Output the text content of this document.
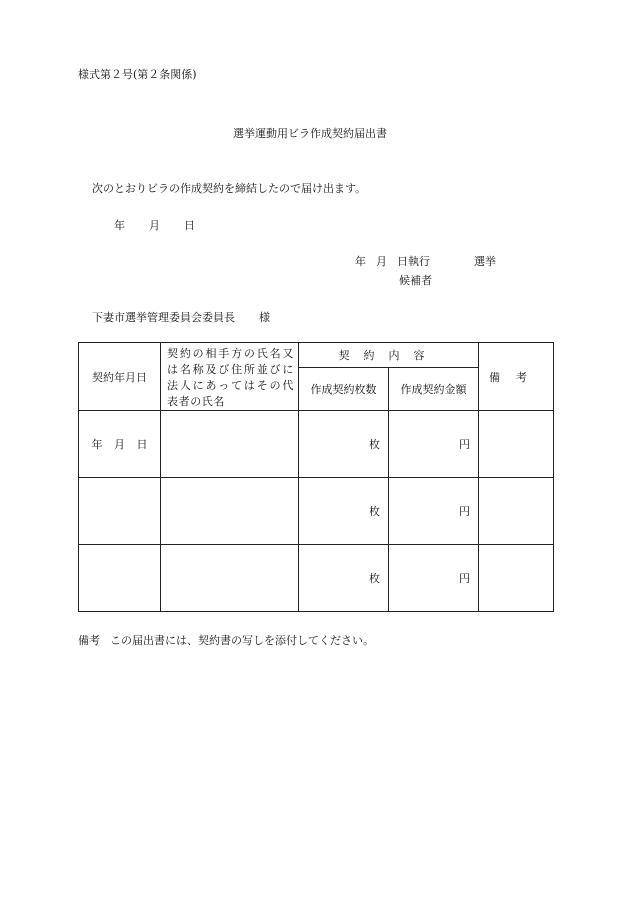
様式第２号(第２条関係)
選挙運動用ビラ作成契約届出書
次のとおりビラの作成契約を締結したので届け出ます。
年 月 日
年 月 日執行	選挙
候補者
下妻市選挙管理委員会委員長 様
契約年月日	契約の相手方の氏名又は名称及び住所並びに法人にあってはその代表者の氏名	契約内容		備考
		作成契約枚数	作成契約金額	
年 月 日		枚	円	
		枚	円	
		枚	円	
備考 この届出書には、契約書の写しを添付してください。
